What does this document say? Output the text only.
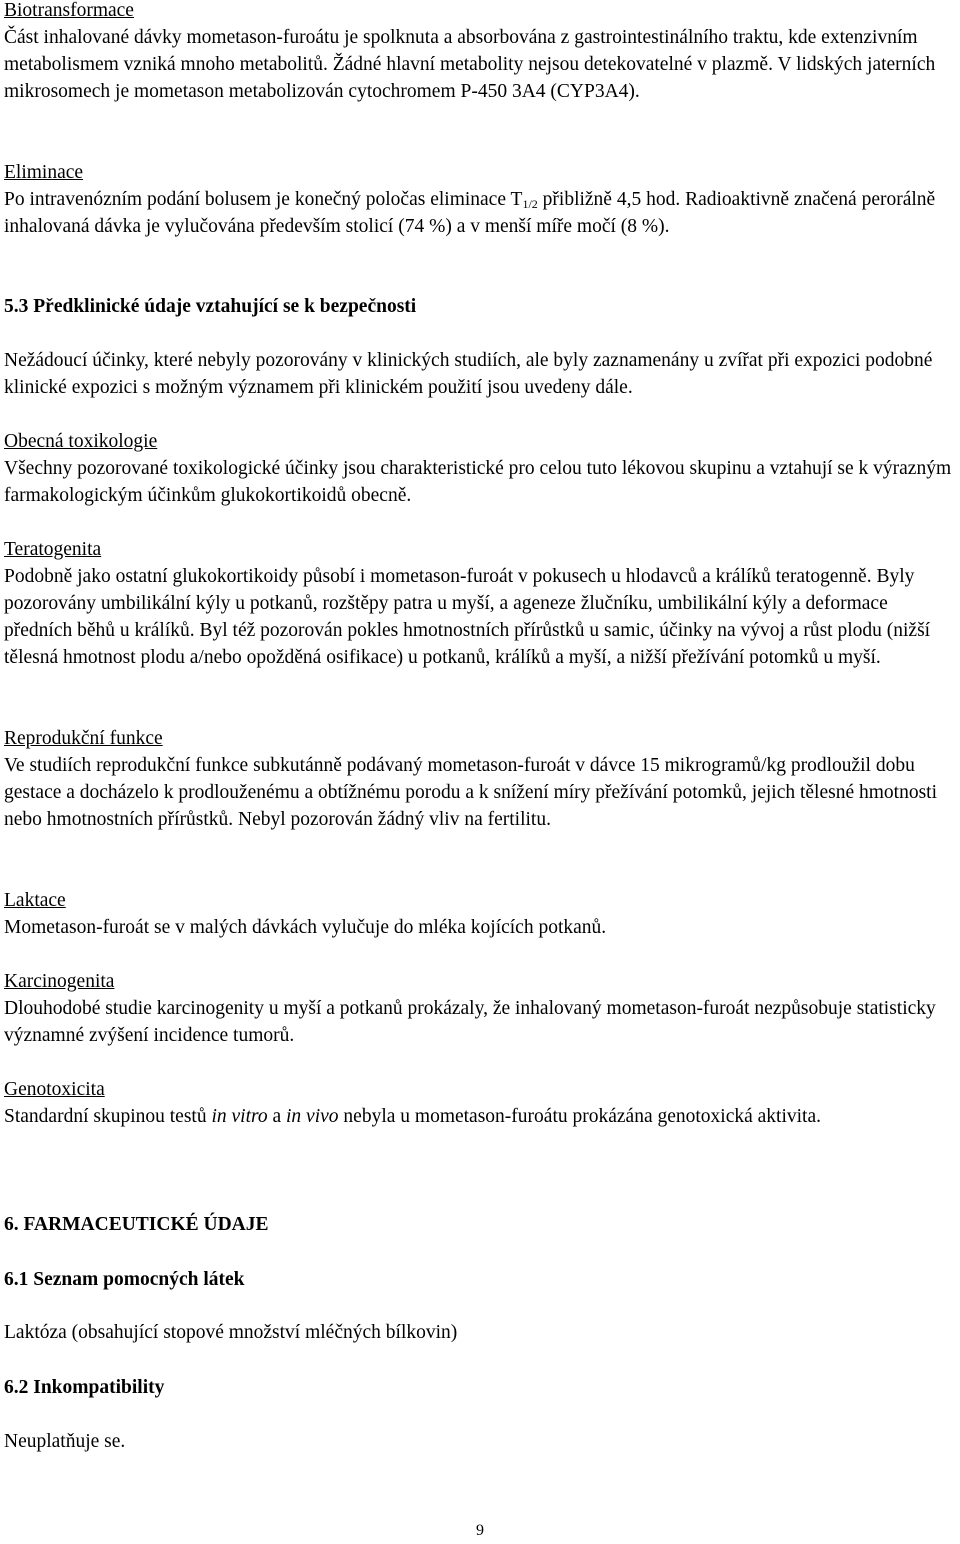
Biotransformace

Část inhalované dávky mometason-furoátu je spolknuta a absorbována z gastrointestinálního traktu, kde extenzivním metabolismem vzniká mnoho metabolitů. Žádné hlavní metabolity nejsou detekovatelné v plazmě. V lidských jaterních mikrosomech je mometason metabolizován cytochromem P-450 3A4 (CYP3A4).

Eliminace

Po intravenózním podání bolusem je konečný poločas eliminace $T_{1/2}$ přibližně 4,5 hod. Radioaktivně značená perorálně inhalovaná dávka je vylučována především stolicí (74 %) a v menší míře močí (8 %).

5.3 Předklinické údaje vztahující se k bezpečnosti

Nežádoucí účinky, které nebyly pozorovány v klinických studiích, ale byly zaznamenány u zvířat při expozici podobné klinické expozici s možným významem při klinickém použití jsou uvedeny dále.

Obecná toxikologie

Všechny pozorované toxikologické účinky jsou charakteristické pro celou tuto lékovou skupinu a vztahují se k výrazným farmakologickým účinkům glukokortikoidů obecně.

Teratogenita

Podobně jako ostatní glukokortikoidy působí i mometason-furoát v pokusech u hlodavců a králíků teratogenně. Byly pozorovány umbilikální kýly u potkanů, rozštěpy patra u myší, a ageneze žlučníku, umbilikální kýly a deformace předních běhů u králíků. Byl též pozorován pokles hmotnostních přírůstků u samic, účinky na vývoj a růst plodu (nižší tělesná hmotnost plodu a/nebo opožděná osifikace) u potkanů, králíků a myší, a nižší přežívání potomků u myší.

Reprodukční funkce

Ve studiích reprodukční funkce subkutánně podávaný mometason-furoát v dávce 15 mikrogramů/kg prodloužil dobu gestace a docházelo k prodlouženému a obtížnému porodu a k snížení míry přežívání potomků, jejich tělesné hmotnosti nebo hmotnostních přírůstků. Nebyl pozorován žádný vliv na fertilitu.

Laktace

Mometason-furoát se v malých dávkách vylučuje do mléka kojících potkanů.

Karcinogenita

Dlouhodobé studie karcinogenity u myší a potkanů prokázaly, že inhalovaný mometason-furoát nezpůsobuje statisticky významné zvýšení incidence tumorů.

Genotoxicita

Standardní skupinou testů in vitro a in vivo nebyla u mometason-furoátu prokázána genotoxická aktivita.

6. FARMACEUTICKÉ ÚDAJE
6.1 Seznam pomocných látek

Laktóza (obsahující stopové množství mléčných bílkovin)

6.2 Inkompatibility

Neuplatňuje se.

9
